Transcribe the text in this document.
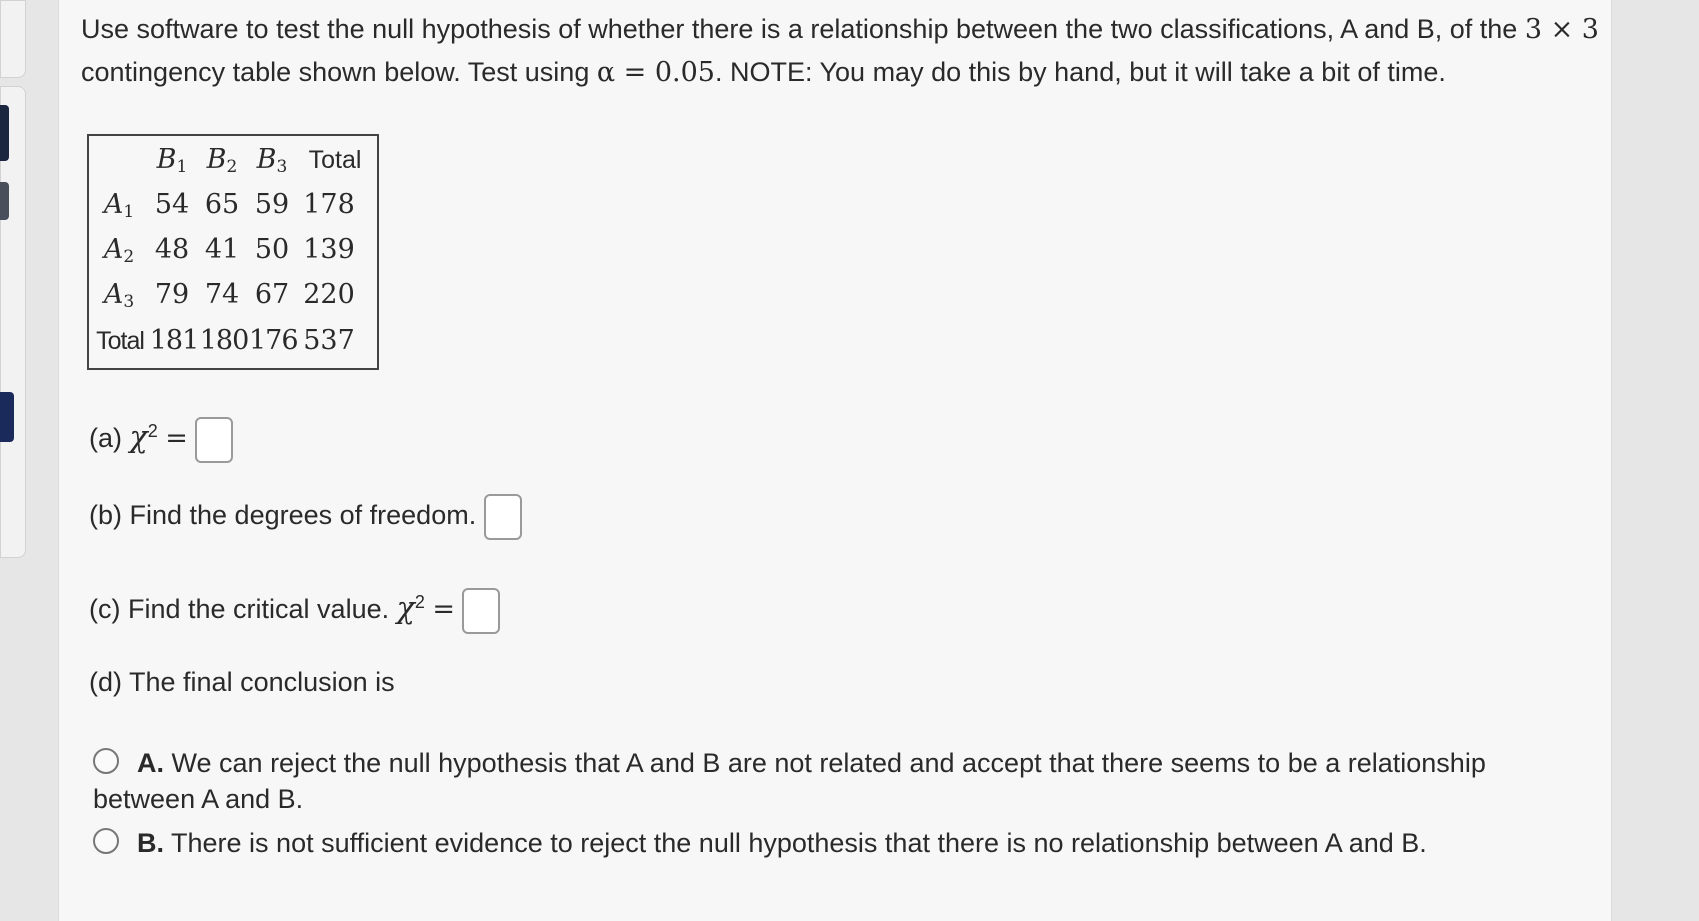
Use software to test the null hypothesis of whether there is a relationship between the two classifications, A and B, of the 3 × 3 contingency table shown below. Test using α = 0.05. NOTE: You may do this by hand, but it will take a bit of time.
$B_1$ $B_2$ $B_3$ Total
$A_1$ 54 65 59 178
$A_2$ 48 41 50 139
$A_3$ 79 74 67 220
Total 181 180 176 537
(a) $\chi^2$ =
(b) Find the degrees of freedom.
(c) Find the critical value. $\chi^2$ =
(d) The final conclusion is
A. We can reject the null hypothesis that A and B are not related and accept that there seems to be a relationship between A and B.
B. There is not sufficient evidence to reject the null hypothesis that there is no relationship between A and B.
